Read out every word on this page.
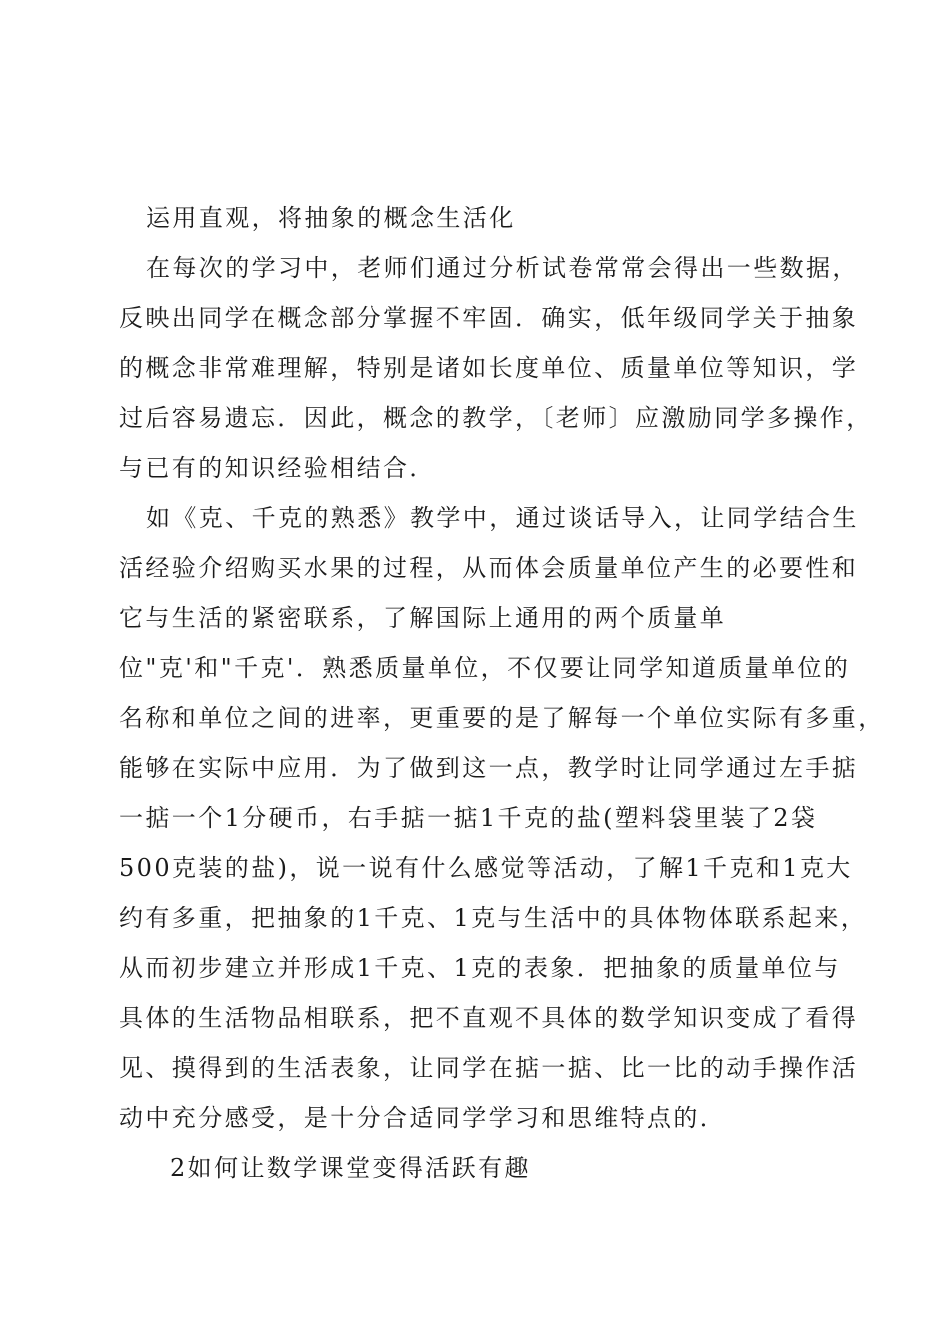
运用直观，将抽象的概念生活化
在每次的学习中，老师们通过分析试卷常常会得出一些数据，
反映出同学在概念部分掌握不牢固．确实，低年级同学关于抽象
的概念非常难理解，特别是诸如长度单位、质量单位等知识，学
过后容易遗忘．因此，概念的教学，〔老师〕应激励同学多操作，
与已有的知识经验相结合．
如《克、千克的熟悉》教学中，通过谈话导入，让同学结合生
活经验介绍购买水果的过程，从而体会质量单位产生的必要性和
它与生活的紧密联系，了解国际上通用的两个质量单
位"克'和"千克'．熟悉质量单位，不仅要让同学知道质量单位的
名称和单位之间的进率，更重要的是了解每一个单位实际有多重，
能够在实际中应用．为了做到这一点，教学时让同学通过左手掂
一掂一个1分硬币，右手掂一掂1千克的盐(塑料袋里装了2袋
500克装的盐)，说一说有什么感觉等活动，了解1千克和1克大
约有多重，把抽象的1千克、1克与生活中的具体物体联系起来，
从而初步建立并形成1千克、1克的表象．把抽象的质量单位与
具体的生活物品相联系，把不直观不具体的数学知识变成了看得
见、摸得到的生活表象，让同学在掂一掂、比一比的动手操作活
动中充分感受，是十分合适同学学习和思维特点的．
2如何让数学课堂变得活跃有趣
